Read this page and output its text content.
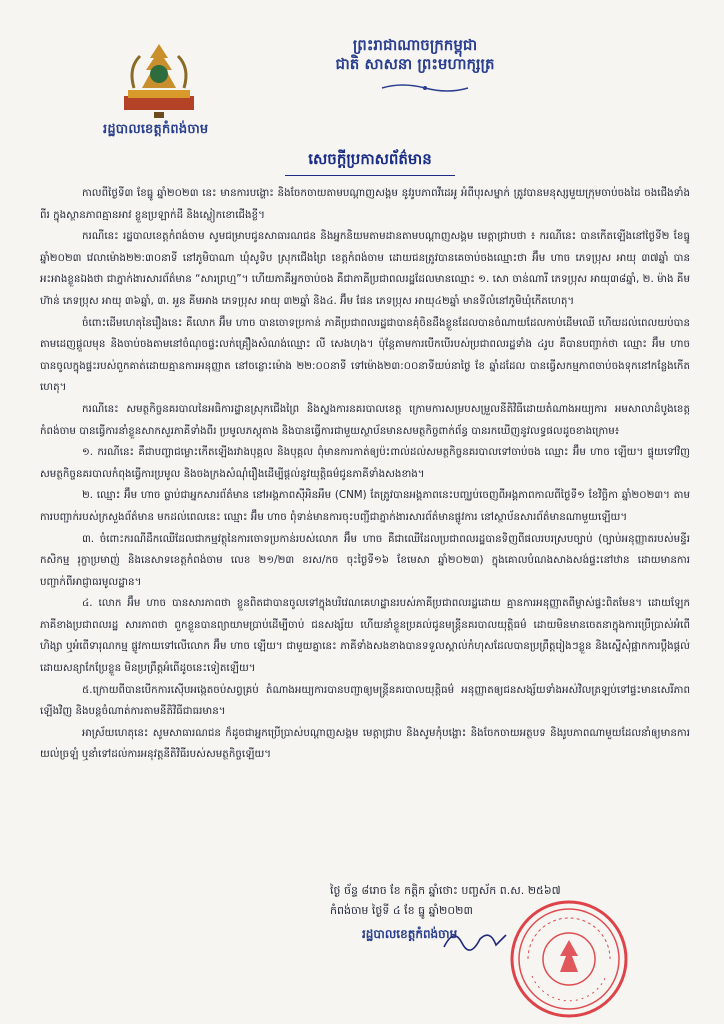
ព្រះរាជាណាចក្រកម្ពុជា
ជាតិ សាសនា ព្រះមហាក្សត្រ
រដ្ឋបាលខេត្តកំពង់ចាម
សេចក្តីប្រកាសព័ត៌មាន

កាលពីថ្ងៃទី៣ ខែធ្នូ ឆ្នាំ២០២៣ នេះ មានការបង្ហោះ និងចែកចាយតាមបណ្តាញសង្គម នូវរូបភាពវីដេអូ អំពីបុរសម្នាក់ ត្រូវបានមនុស្សមួយក្រុមចាប់ចងដៃ ចងជើងទាំងពីរ ក្នុងស្ថានភាពគ្មានអាវ ខ្លួនប្រឡាក់ដី និងស្លៀកខោជើងខ្លី។

ករណីនេះ រដ្ឋបាលខេត្តកំពង់ចាម សូមជម្រាបជូនសាធារណជន និងអ្នកនិយមតាមដានតាមបណ្តាញសង្គម មេត្តាជ្រាបថា ៖ ករណីនេះ បានកើតឡើងនៅថ្ងៃទី២ ខែធ្នូ ឆ្នាំ២០២៣ វេលាម៉ោង២២:៣០នាទី នៅភូមិបាណា ឃុំសូទិប ស្រុកជើងព្រៃ ខេត្តកំពង់ចាម ដោយជនត្រូវបានគេចាប់ចងឈ្មោះថា អ៊ឹម ហាច ភេទប្រុស អាយុ ៣៧ឆ្នាំ បានអះអាងខ្លួនឯងថា ជាភ្នាក់ងារសារព័ត៌មាន “សារព្រហ្ម”។ ហើយភាគីអ្នកចាប់ចង គឺជាភាគីប្រជាពលរដ្ឋដែលមានឈ្មោះ ១. សោ ចាន់ណារី ភេទប្រុស អាយុ៣៨ឆ្នាំ, ២. ម៉ាង គីមហ៊ាន់ ភេទប្រុស អាយុ ៣៦ឆ្នាំ, ៣. អួន គីមអាង ភេទប្រុស អាយុ ៣២ឆ្នាំ និង៤. អ៊ឹម ផែន ភេទប្រុស អាយុ៤២ឆ្នាំ មានទីលំនៅភូមិឃុំកើតហេតុ។

ចំពោះដើមហេតុនៃរឿងនេះ គឺលោក អ៊ឹម ហាច បានចោទប្រកាន់ ភាគីប្រជាពលរដ្ឋជាបានគុំចិនដឹងខ្លួនដែលបានចំណាយដែលកាប់ដើមឈើ ហើយដល់ពេលយប់បានតាមដេញផ្តួលមុន និងចាប់ចងតាមនៅចំណុចផ្ទះលក់គ្រឿងសំណង់ឈ្មោះ លី សេងហុង។ ប៉ុន្តែតាមការបើកបើរបស់ប្រជាពលរដ្ឋទាំង ៤រូប គឺបានបញ្ជាក់ថា ឈ្មោះ អ៊ឹម ហាច បានចូលក្នុងផ្ទះរបស់ពួកគាត់ដោយគ្មានការអនុញ្ញាត នៅចន្លោះម៉ោង ២២:០០នាទី ទៅម៉ោង២៣:០០នាទីយប់នាថ្ងៃ ខែ ឆ្នាំដដែល បានធ្វើសកម្មភាពចាប់ចងទុកនៅកន្លែងកើតហេតុ។

ករណីនេះ សមត្ថកិច្ចនគរបាលនៃអធិការដ្ឋានស្រុកជើងព្រៃ និងស្នងការនគរបាលខេត្ត ក្រោមការសម្របសម្រួលនីតិវិធីដោយតំណាងអយ្យការ អមសាលាដំបូងខេត្តកំពង់ចាម បានធ្វើការនាំខ្លួនសាកសួរភាគីទាំងពីរ ប្រមូលភស្តុតាង និងបានធ្វើការជាមួយស្ថាប័នមានសមត្ថកិច្ចពាក់ព័ន្ធ បានរកឃើញនូវលទ្ធផលដូចខាងក្រោម៖

១. ករណីនេះ គឺជាបញ្ហាជម្លោះកើតឡើងរវាងបុគ្គល និងបុគ្គល ពុំមានការកាត់ឲ្យប៉ះពាល់ដល់សមត្ថកិច្ចនគរបាលទៅចាប់ចង ឈ្មោះ អ៊ឹម ហាច ឡើយ។ ផ្ទុយទៅវិញ សមត្ថកិច្ចនគរបាលកំពុងធ្វើការប្រមូល និងចងក្រងសំណុំរឿងដើម្បីផ្តល់នូវយុត្តិធម៌ជូនភាគីទាំងសងខាង។

២. ឈ្មោះ អ៊ឹម ហាច ធ្លាប់ជាអ្នកសារព័ត៌មាន នៅអង្គភាពស៊ីអិនអឹម (CNM) តែត្រូវបានអង្គភាពនេះបញ្ឈប់ចេញពីអង្គភាពកាលពីថ្ងៃទី១ ខែវិច្ឆិកា ឆ្នាំ២០២៣។ តាមការបញ្ជាក់របស់ក្រសួងព័ត៌មាន មកដល់ពេលនេះ ឈ្មោះ អ៊ឹម ហាច ពុំទាន់មានការចុះបញ្ជីជាភ្នាក់ងារសារព័ត៌មានផ្លូវការ នៅស្ថាប័នសារព័ត៌មានណាមួយឡើយ។

៣. ចំពោះករណីដឹកឈើដែលជាកម្មវត្ថុនៃការចោទប្រកាន់របស់លោក អ៊ឹម ហាច គឺជាឈើដែលប្រជាពលរដ្ឋបានទិញពីផលរបរស្របច្បាប់ (ច្បាប់អនុញ្ញាតរបស់មន្ទីរកសិកម្ម រុក្ខាប្រមាញ់ និងនេសាទខេត្តកំពង់ចាម លេខ ២១/២៣ ខរស/កច ចុះថ្ងៃទី១៦ ខែមេសា ឆ្នាំ២០២៣) ក្នុងគោលបំណងសាងសង់ផ្ទះនៅឋាន ដោយមានការបញ្ជាក់ពីអាជ្ញាធរមូលដ្ឋាន។

៤. លោក អ៊ឹម ហាច បានសារភាពថា ខ្លួនពិតជាបានចូលទៅក្នុងបរិវេណគេហដ្ឋានរបស់ភាគីប្រជាពលរដ្ឋដោយ គ្មានការអនុញ្ញាតពីម្ចាស់ផ្ទះពិតមែន។ ដោយឡែក ភាគីខាងប្រជាពលរដ្ឋ សារភាពថា ពួកខ្លួនបានព្យាយាមប្រាប់ដើម្បីចាប់ ជនសង្ស័យ ហើយនាំខ្លួនប្រគល់ជូនមន្ត្រីនគរបាលយុត្តិធម៌ ដោយមិនមានចេតនាក្នុងការប្រើប្រាស់អំពើហិង្សា ឬអំពើទារុណកម្ម ផ្លូវកាយទៅលើលោក អ៊ឹម ហាច ឡើយ។ ជាមួយគ្នានេះ ភាគីទាំងសងខាងបានទទួលស្គាល់កំហុសដែលបានប្រព្រឹត្តរៀងៗខ្លួន និងស្នើសុំផ្អាកការប្តឹងផ្តល់ ដោយសន្យាកែប្រែខ្លួន មិនប្រព្រឹត្តអំពើដូចនេះទៀតឡើយ។

៥.ក្រោយពីបានបើកការស៊ើបអង្កេតចប់សព្វគ្រប់ តំណាងអយ្យការបានបញ្ជាឲ្យមន្ត្រីនគរបាលយុត្តិធម៌ អនុញ្ញាតឲ្យជនសង្ស័យទាំងអស់វិលត្រឡប់ទៅផ្ទះមានសេរីភាពឡើងវិញ និងបន្តចំណាត់ការតាមនីតិវិធីជាធរមាន។

អាស្រ័យហេតុនេះ សូមសាធារណជន ក៏ដូចជាអ្នកប្រើប្រាស់បណ្តាញសង្គម មេត្តាជ្រាប និងសូមកុំបង្ហោះ និងចែកចាយអត្ថបទ និងរូបភាពណាមួយដែលនាំឲ្យមានការយល់ច្រឡំ ឬនាំទៅដល់ការអនុវត្តនីតិវិធីរបស់សមត្ថកិច្ចឡើយ។

ថ្ងៃ ច័ន្ទ ៨រោច ខែ កត្តិក ឆ្នាំថោះ បញ្ចស័ក ព.ស. ២៥៦៧
កំពង់ចាម ថ្ងៃទី ៤ ខែ ធ្នូ ឆ្នាំ២០២៣
រដ្ឋបាលខេត្តកំពង់ចាម
